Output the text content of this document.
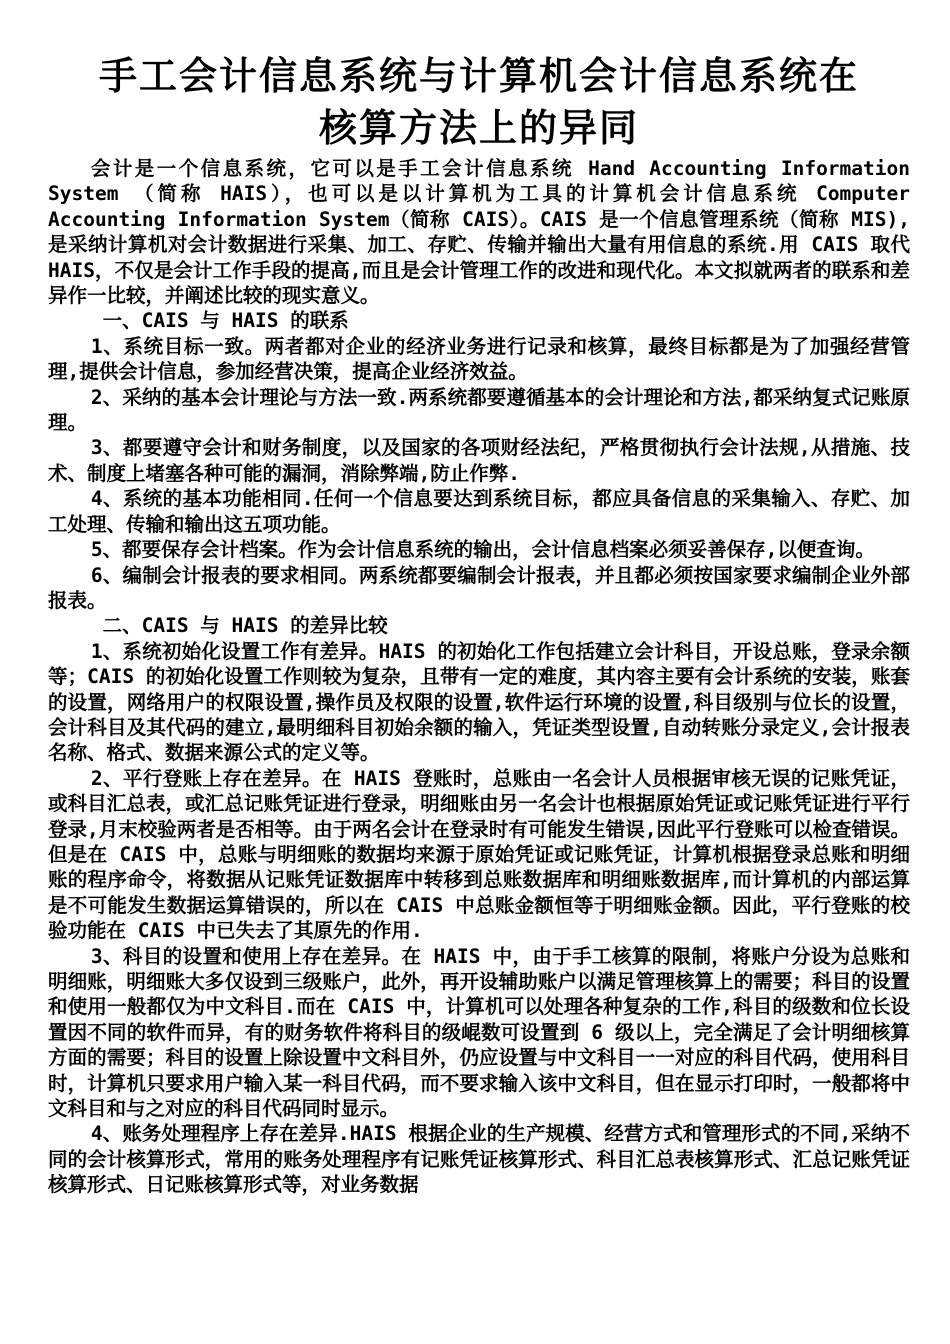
手工会计信息系统与计算机会计信息系统在
核算方法上的异同

会计是一个信息系统，它可以是手工会计信息系统 Hand Accounting Information System （简称 HAIS），也可以是以计算机为工具的计算机会计信息系统 Computer Accounting Information System（简称 CAIS）。CAIS 是一个信息管理系统（简称 MIS),是采纳计算机对会计数据进行采集、加工、存贮、传输并输出大量有用信息的系统.用 CAIS 取代 HAIS，不仅是会计工作手段的提高,而且是会计管理工作的改进和现代化。本文拟就两者的联系和差异作一比较，并阐述比较的现实意义。

一、CAIS 与 HAIS 的联系

1、系统目标一致。两者都对企业的经济业务进行记录和核算，最终目标都是为了加强经营管理,提供会计信息，参加经营决策，提高企业经济效益。

2、采纳的基本会计理论与方法一致.两系统都要遵循基本的会计理论和方法,都采纳复式记账原理。

3、都要遵守会计和财务制度，以及国家的各项财经法纪，严格贯彻执行会计法规,从措施、技术、制度上堵塞各种可能的漏洞，消除弊端,防止作弊.

4、系统的基本功能相同.任何一个信息要达到系统目标，都应具备信息的采集输入、存贮、加工处理、传输和输出这五项功能。

5、都要保存会计档案。作为会计信息系统的输出，会计信息档案必须妥善保存,以便查询。

6、编制会计报表的要求相同。两系统都要编制会计报表，并且都必须按国家要求编制企业外部报表。

二、CAIS 与 HAIS 的差异比较

1、系统初始化设置工作有差异。HAIS 的初始化工作包括建立会计科目，开设总账，登录余额等；CAIS 的初始化设置工作则较为复杂，且带有一定的难度，其内容主要有会计系统的安装，账套的设置，网络用户的权限设置,操作员及权限的设置,软件运行环境的设置,科目级别与位长的设置，会计科目及其代码的建立,最明细科目初始余额的输入，凭证类型设置,自动转账分录定义,会计报表名称、格式、数据来源公式的定义等。

2、平行登账上存在差异。在 HAIS 登账时，总账由一名会计人员根据审核无误的记账凭证，或科目汇总表，或汇总记账凭证进行登录，明细账由另一名会计也根据原始凭证或记账凭证进行平行登录,月末校验两者是否相等。由于两名会计在登录时有可能发生错误,因此平行登账可以检查错误。但是在 CAIS 中，总账与明细账的数据均来源于原始凭证或记账凭证，计算机根据登录总账和明细账的程序命令，将数据从记账凭证数据库中转移到总账数据库和明细账数据库,而计算机的内部运算是不可能发生数据运算错误的，所以在 CAIS 中总账金额恒等于明细账金额。因此，平行登账的校验功能在 CAIS 中已失去了其原先的作用.

3、科目的设置和使用上存在差异。在 HAIS 中，由于手工核算的限制，将账户分设为总账和明细账，明细账大多仅设到三级账户，此外，再开设辅助账户以满足管理核算上的需要；科目的设置和使用一般都仅为中文科目.而在 CAIS 中，计算机可以处理各种复杂的工作,科目的级数和位长设置因不同的软件而异，有的财务软件将科目的级崐数可设置到 6 级以上，完全满足了会计明细核算方面的需要；科目的设置上除设置中文科目外，仍应设置与中文科目一一对应的科目代码，使用科目时，计算机只要求用户输入某一科目代码，而不要求输入该中文科目，但在显示打印时，一般都将中文科目和与之对应的科目代码同时显示。

4、账务处理程序上存在差异.HAIS 根据企业的生产规模、经营方式和管理形式的不同,采纳不同的会计核算形式，常用的账务处理程序有记账凭证核算形式、科目汇总表核算形式、汇总记账凭证核算形式、日记账核算形式等，对业务数据
